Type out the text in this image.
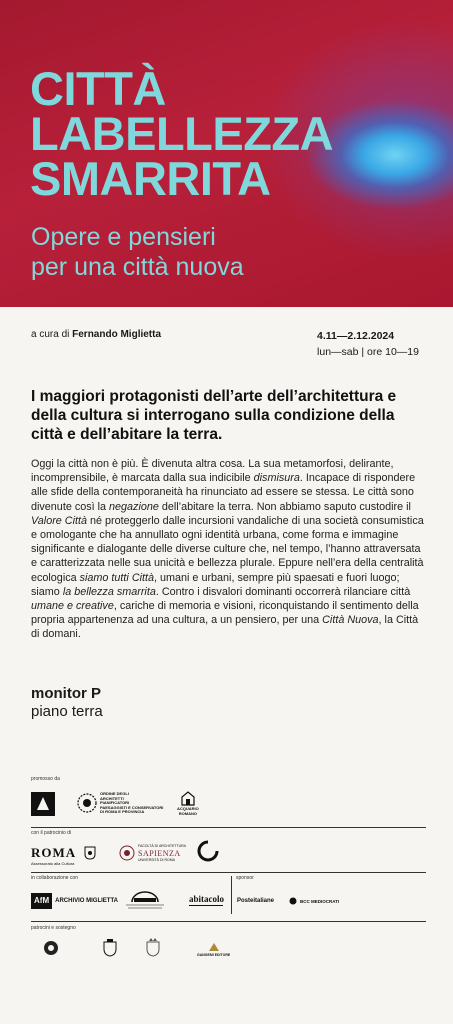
CITTÀ
LABELLEZZA
SMARRITA
Opere e pensieri
per una città nuova
a cura di Fernando Miglietta	4.11—2.12.2024
lun—sab | ore 10—19
I maggiori protagonisti dell’arte dell’architettura e della cultura si interrogano sulla condizione della città e dell’abitare la terra.
Oggi la città non è più. È divenuta altra cosa. La sua metamorfosi, delirante, incomprensibile, è marcata dalla sua indicibile dismisura. Incapace di rispondere alle sfide della contemporaneità ha rinunciato ad essere se stessa. Le città sono divenute così la negazione dell’abitare la terra. Non abbiamo saputo custodire il Valore Città né proteggerlo dalle incursioni vandaliche di una società consumistica e omologante che ha annullato ogni identità urbana, come forma e immagine significante e dialogante delle diverse culture che, nel tempo, l’hanno attraversata e caratterizzata nelle sua unicità e bellezza plurale. Eppure nell’era della centralità ecologica siamo tutti Città, umani e urbani, sempre più spaesati e fuori luogo; siamo la bellezza smarrita. Contro i disvalori dominanti occorrerà rilanciare città umane e creative, cariche di memoria e visioni, riconquistando il sentimento della propria appartenenza ad una cultura, a un pensiero, per una Città Nuova, la Città di domani.
monitor P
piano terra
promosso da
ORDINE DEGLI
ARCHITETTI
PIANIFICATORI
PAESAGGISTI E CONSERVATORI
DI ROMA E PROVINCIA
ACQUARIO
ROMANO
con il patrocinio di
ROMA
Assessorato alla Cultura
FACOLTÀ DI ARCHITETTURA
SAPIENZA
UNIVERSITÀ DI ROMA
in collaborazione con	sponsor
AfM	ARCHIVIO MIGLIETTA	abitacolo Posteitaliane	BCC MEDIOCRATI
patrocini e sostegno
GANGEMI EDITORE
